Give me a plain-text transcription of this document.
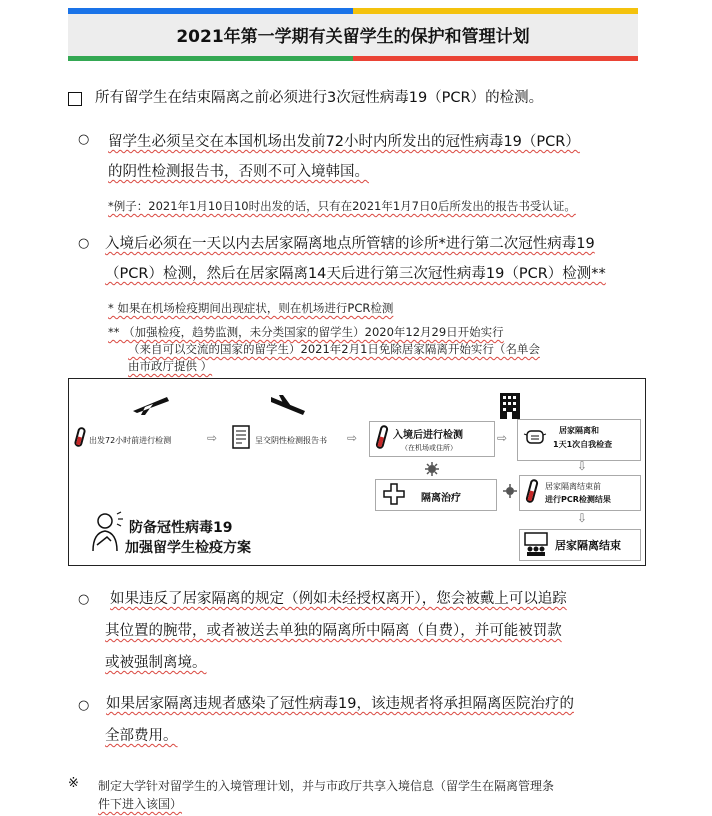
2021年第一学期有关留学生的保护和管理计划
所有留学生在结束隔离之前必须进行3次冠性病毒19（PCR）的检测。
○ 留学生必须呈交在本国机场出发前72小时内所发出的冠性病毒19（PCR）
的阴性检测报告书，否则不可入境韩国。
*例子：2021年1月10日10时出发的话，只有在2021年1月7日0后所发出的报告书受认证。
○ 入境后必须在一天以内去居家隔离地点所管辖的诊所*进行第二次冠性病毒19
（PCR）检测，然后在居家隔离14天后进行第三次冠性病毒19（PCR）检测**
* 如果在机场检疫期间出现症状，则在机场进行PCR检测
** （加强检疫，趋势监测，未分类国家的留学生）2020年12月29日开始实行
（来自可以交流的国家的留学生）2021年2月1日免除居家隔离开始实行（名单会
由市政厅提供 ）
出发72小时前进行检测	⇨	呈交阴性检测报告书 ⇨	入境后进行检测
（在机场或住所）
⇨
居家隔离和
1天1次自我检查
⇩
隔离治疗
居家隔离结束前
进行PCR检测结果
⇩
居家隔离结束
防备冠性病毒19
加强留学生检疫方案
○ 如果违反了居家隔离的规定（例如未经授权离开），您会被戴上可以追踪
其位置的腕带，或者被送去单独的隔离所中隔离（自费），并可能被罚款
或被强制离境。
○ 如果居家隔离违规者感染了冠性病毒19，该违规者将承担隔离医院治疗的
全部费用。
※ 制定大学针对留学生的入境管理计划，并与市政厅共享入境信息（留学生在隔离管理条
件下进入该国）
